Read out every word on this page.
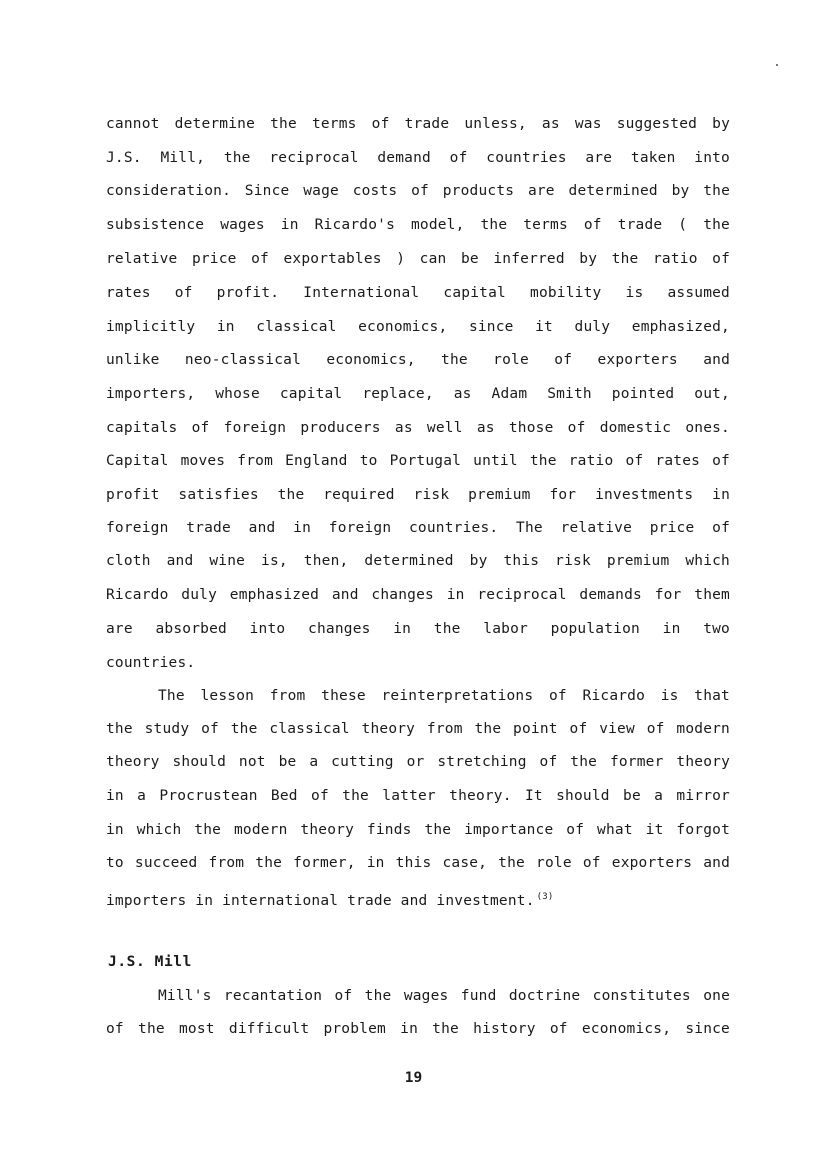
cannot determine the terms of trade unless, as was suggested by
J.S. Mill, the reciprocal demand of countries are taken into
consideration. Since wage costs of products are determined by the
subsistence wages in Ricardo's model, the terms of trade ( the
relative price of exportables ) can be inferred by the ratio of
rates of profit. International capital mobility is assumed
implicitly in classical economics, since it duly emphasized,
unlike neo-classical economics, the role of exporters and
importers, whose capital replace, as Adam Smith pointed out,
capitals of foreign producers as well as those of domestic ones.
Capital moves from England to Portugal until the ratio of rates of
profit satisfies the required risk premium for investments in
foreign trade and in foreign countries. The relative price of
cloth and wine is, then, determined by this risk premium which
Ricardo duly emphasized and changes in reciprocal demands for them
are absorbed into changes in the labor population in two
countries.
The lesson from these reinterpretations of Ricardo is that
the study of the classical theory from the point of view of modern
theory should not be a cutting or stretching of the former theory
in a Procrustean Bed of the latter theory. It should be a mirror
in which the modern theory finds the importance of what it forgot
to succeed from the former, in this case, the role of exporters and
importers in international trade and investment. $^{(3)}$
J.S. Mill
Mill's recantation of the wages fund doctrine constitutes one
of the most difficult problem in the history of economics, since
19
